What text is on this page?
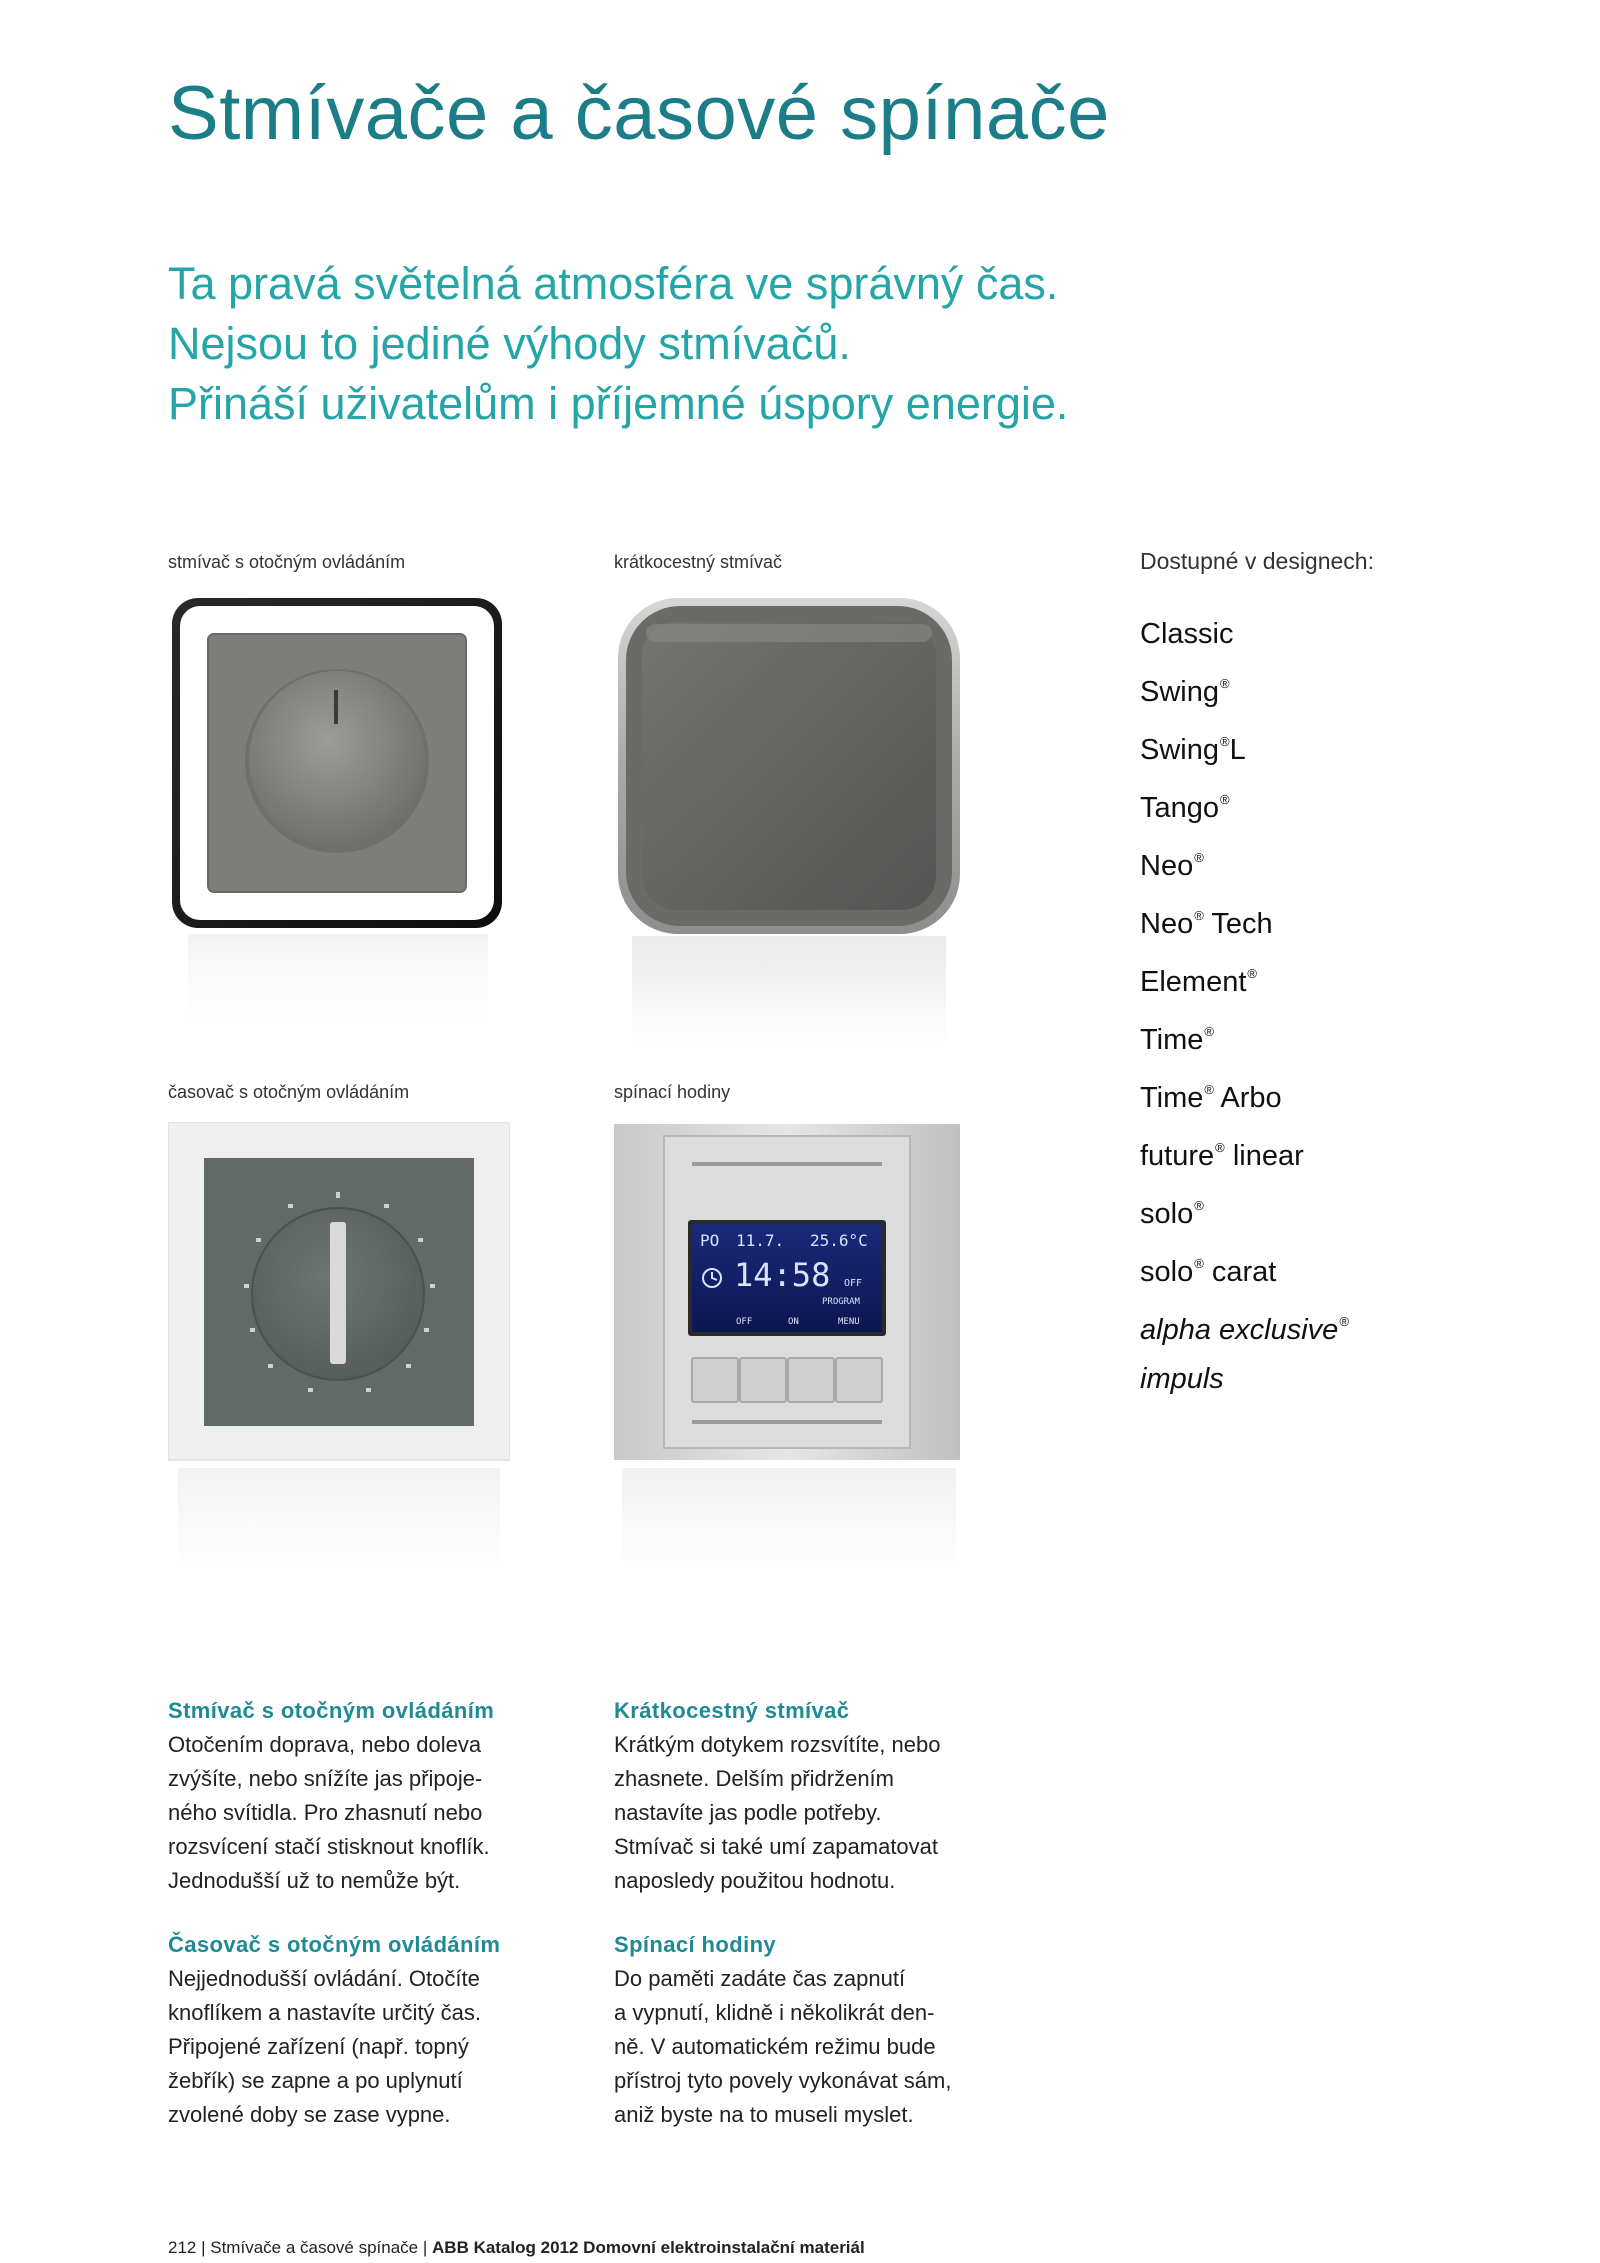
Stmívače a časové spínače
Ta pravá světelná atmosféra ve správný čas.
Nejsou to jediné výhody stmívačů.
Přináší uživatelům i příjemné úspory energie.
stmívač s otočným ovládáním	krátkocestný stmívač
časovač s otočným ovládáním	spínací hodiny
PO 11.7. 25.6°C
14:58 OFF
PROGRAM
OFF	ON	MENU
Dostupné v designech:
Classic
Swing®
Swing®L
Tango®
Neo®
Neo® Tech
Element®
Time®
Time® Arbo
future® linear
solo®
solo® carat
alpha exclusive®
impuls
Stmívač s otočným ovládáním

Otočením doprava, nebo doleva
zvýšíte, nebo snížíte jas připoje-
ného svítidla. Pro zhasnutí nebo
rozsvícení stačí stisknout knoflík.
Jednodušší už to nemůže být.

Krátkocestný stmívač

Krátkým dotykem rozsvítíte, nebo
zhasnete. Delším přidržením
nastavíte jas podle potřeby.
Stmívač si také umí zapamatovat
naposledy použitou hodnotu.

Časovač s otočným ovládáním

Nejjednodušší ovládání. Otočíte
knoflíkem a nastavíte určitý čas.
Připojené zařízení (např. topný
žebřík) se zapne a po uplynutí
zvolené doby se zase vypne.

Spínací hodiny

Do paměti zadáte čas zapnutí
a vypnutí, klidně i několikrát den-
ně. V automatickém režimu bude
přístroj tyto povely vykonávat sám,
aniž byste na to museli myslet.

212 | Stmívače a časové spínače | ABB Katalog 2012 Domovní elektroinstalační materiál
